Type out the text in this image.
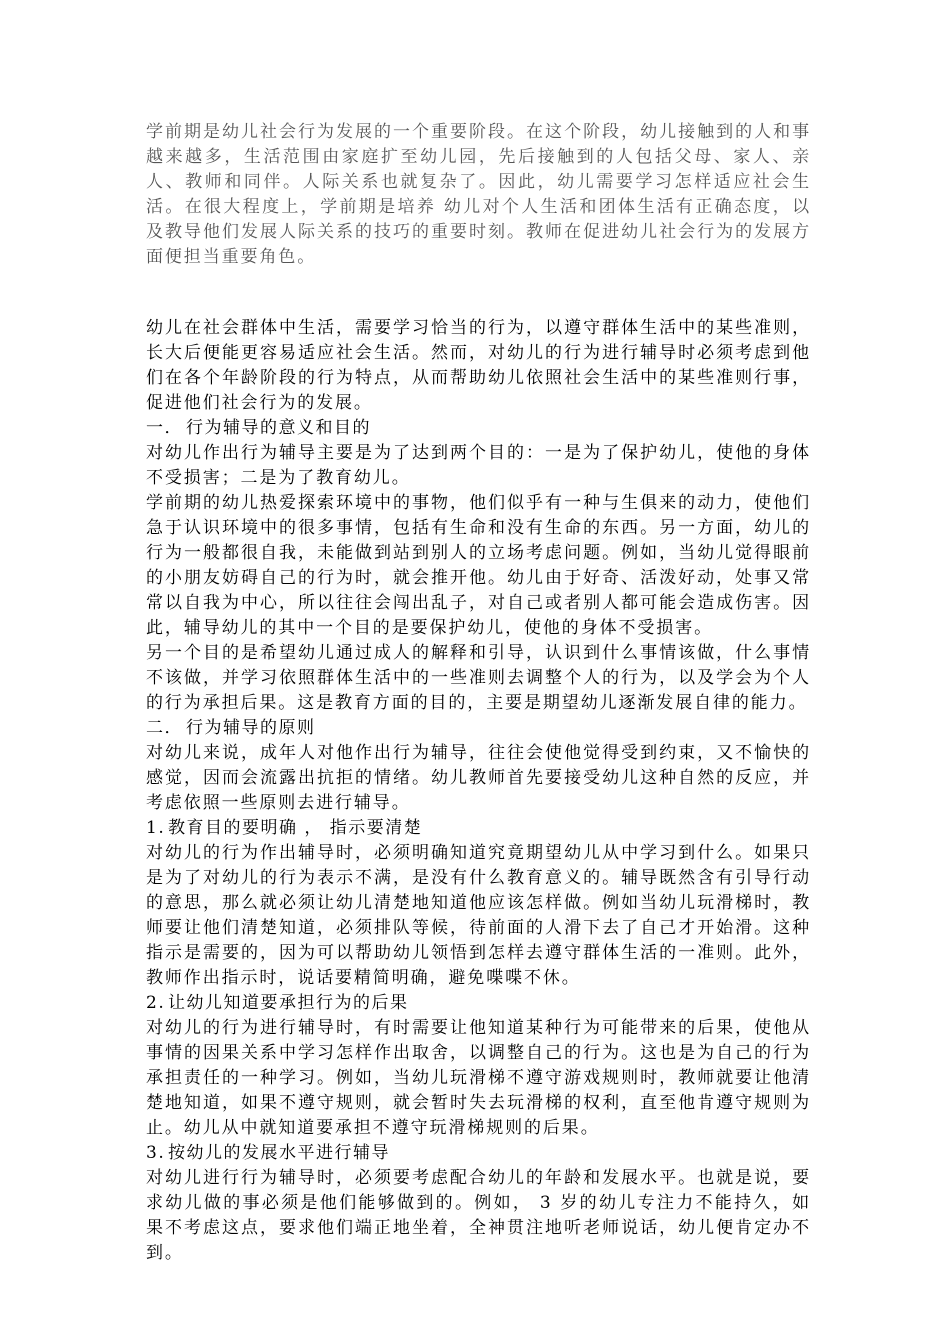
学前期是幼儿社会行为发展的一个重要阶段。在这个阶段，幼儿接触到的人和事越来越多，生活范围由家庭扩至幼儿园，先后接触到的人包括父母、家人、亲人、教师和同伴。人际关系也就复杂了。因此，幼儿需要学习怎样适应社会生活。在很大程度上，学前期是培养 幼儿对个人生活和团体生活有正确态度，以及教导他们发展人际关系的技巧的重要时刻。教师在促进幼儿社会行为的发展方面便担当重要角色。

幼儿在社会群体中生活，需要学习恰当的行为，以遵守群体生活中的某些准则，长大后便能更容易适应社会生活。然而，对幼儿的行为进行辅导时必须考虑到他们在各个年龄阶段的行为特点，从而帮助幼儿依照社会生活中的某些准则行事，促进他们社会行为的发展。

一． 行为辅导的意义和目的

对幼儿作出行为辅导主要是为了达到两个目的：一是为了保护幼儿，使他的身体不受损害；二是为了教育幼儿。

学前期的幼儿热爱探索环境中的事物，他们似乎有一种与生俱来的动力，使他们急于认识环境中的很多事情，包括有生命和没有生命的东西。另一方面，幼儿的行为一般都很自我，未能做到站到别人的立场考虑问题。例如，当幼儿觉得眼前的小朋友妨碍自己的行为时，就会推开他。幼儿由于好奇、活泼好动，处事又常常以自我为中心，所以往往会闯出乱子，对自己或者别人都可能会造成伤害。因此，辅导幼儿的其中一个目的是要保护幼儿，使他的身体不受损害。

另一个目的是希望幼儿通过成人的解释和引导，认识到什么事情该做，什么事情不该做，并学习依照群体生活中的一些准则去调整个人的行为，以及学会为个人的行为承担后果。这是教育方面的目的，主要是期望幼儿逐渐发展自律的能力。

二． 行为辅导的原则

对幼儿来说，成年人对他作出行为辅导，往往会使他觉得受到约束，又不愉快的感觉，因而会流露出抗拒的情绪。幼儿教师首先要接受幼儿这种自然的反应，并考虑依照一些原则去进行辅导。

1. 教育目的要明确 ， 指示要清楚

对幼儿的行为作出辅导时，必须明确知道究竟期望幼儿从中学习到什么。如果只是为了对幼儿的行为表示不满，是没有什么教育意义的。辅导既然含有引导行动的意思，那么就必须让幼儿清楚地知道他应该怎样做。例如当幼儿玩滑梯时，教师要让他们清楚知道，必须排队等候，待前面的人滑下去了自己才开始滑。这种指示是需要的，因为可以帮助幼儿领悟到怎样去遵守群体生活的一准则。此外，教师作出指示时，说话要精简明确，避免喋喋不休。

2. 让幼儿知道要承担行为的后果

对幼儿的行为进行辅导时，有时需要让他知道某种行为可能带来的后果，使他从事情的因果关系中学习怎样作出取舍，以调整自己的行为。这也是为自己的行为承担责任的一种学习。例如，当幼儿玩滑梯不遵守游戏规则时，教师就要让他清楚地知道，如果不遵守规则，就会暂时失去玩滑梯的权利，直至他肯遵守规则为止。幼儿从中就知道要承担不遵守玩滑梯规则的后果。

3. 按幼儿的发展水平进行辅导

对幼儿进行行为辅导时，必须要考虑配合幼儿的年龄和发展水平。也就是说，要求幼儿做的事必须是他们能够做到的。例如， 3 岁的幼儿专注力不能持久，如果不考虑这点，要求他们端正地坐着，全神贯注地听老师说话，幼儿便肯定办不到。
